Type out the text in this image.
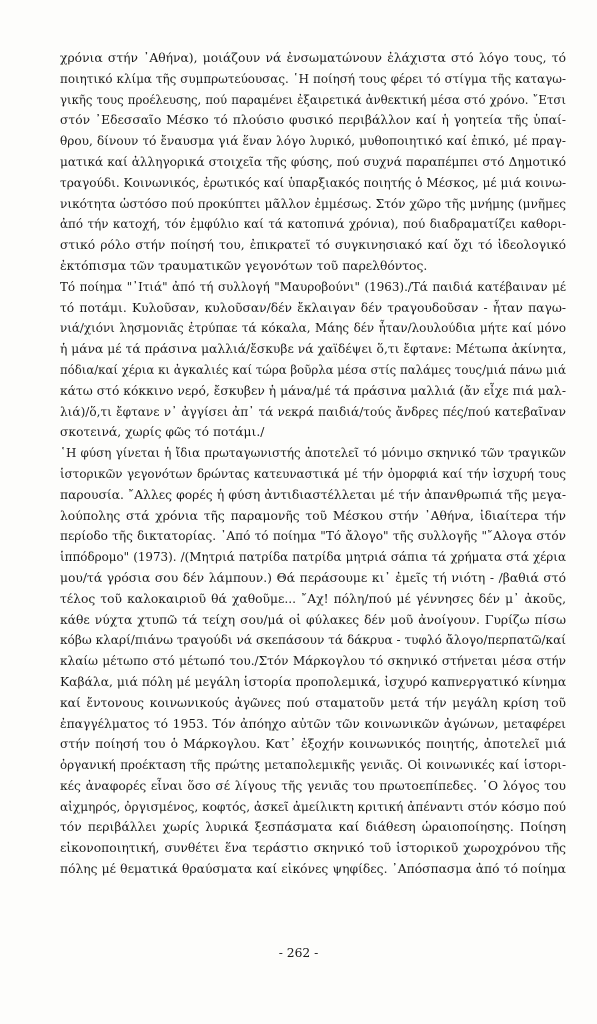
χρόνια στήν ᾿Αθήνα), μοιάζουν νά ἐνσωματώνουν ἐλάχιστα στό λόγο τους, τό
ποιητικό κλίμα τῆς συμπρωτεύουσας. ῾Η ποίησή τους φέρει τό στίγμα τῆς καταγω-
γικῆς τους προέλευσης, πού παραμένει ἐξαιρετικά ἀνθεκτική μέσα στό χρόνο. ῎Ετσι
στόν ᾿Εδεσσαῖο Μέσκο τό πλούσιο φυσικό περιβάλλον καί ἡ γοητεία τῆς ὑπαί-
θρου, δίνουν τό ἔναυσμα γιά ἕναν λόγο λυρικό, μυθοποιητικό καί ἐπικό, μέ πραγ-
ματικά καί ἀλληγορικά στοιχεῖα τῆς φύσης, πού συχνά παραπέμπει στό Δημοτικό
τραγούδι. Κοινωνικός, ἐρωτικός καί ὑπαρξιακός ποιητής ὁ Μέσκος, μέ μιά κοινω-
νικότητα ὡστόσο πού προκύπτει μᾶλλον ἐμμέσως. Στόν χῶρο τῆς μνήμης (μνῆμες
ἀπό τήν κατοχή, τόν ἐμφύλιο καί τά κατοπινά χρόνια), πού διαδραματίζει καθορι-
στικό ρόλο στήν ποίησή του, ἐπικρατεῖ τό συγκινησιακό καί ὄχι τό ἰδεολογικό
ἐκτόπισμα τῶν τραυματικῶν γεγονότων τοῦ παρελθόντος.
Τό ποίημα "᾿Ιτιά" ἀπό τή συλλογή "Μαυροβούνι" (1963)./Τά παιδιά κατέβαιναν μέ
τό ποτάμι. Κυλοῦσαν, κυλοῦσαν/δέν ἔκλαιγαν δέν τραγουδοῦσαν - ἦταν παγω-
νιά/χιόνι λησμονιᾶς ἐτρύπαε τά κόκαλα, Μάης δέν ἦταν/λουλούδια μήτε καί μόνο
ἡ μάνα μέ τά πράσινα μαλλιά/ἔσκυβε νά χαϊδέψει ὅ,τι ἔφτανε: Μέτωπα ἀκίνητα,
πόδια/καί χέρια κι ἀγκαλιές καί τώρα βοῦρλα μέσα στίς παλάμες τους/μιά πάνω μιά
κάτω στό κόκκινο νερό, ἔσκυβεν ἡ μάνα/μέ τά πράσινα μαλλιά (ἄν εἶχε πιά μαλ-
λιά)/ὅ,τι ἔφτανε ν᾿ ἀγγίσει ἀπ᾿ τά νεκρά παιδιά/τούς ἄνδρες πές/πού κατεβαῖναν
σκοτεινά, χωρίς φῶς τό ποτάμι./
῾Η φύση γίνεται ἡ ἴδια πρωταγωνιστής ἀποτελεῖ τό μόνιμο σκηνικό τῶν τραγικῶν
ἱστορικῶν γεγονότων δρώντας κατευναστικά μέ τήν ὀμορφιά καί τήν ἰσχυρή τους
παρουσία. ῎Αλλες φορές ἡ φύση ἀντιδιαστέλλεται μέ τήν ἀπανθρωπιά τῆς μεγα-
λούπολης στά χρόνια τῆς παραμονῆς τοῦ Μέσκου στήν ᾿Αθήνα, ἰδιαίτερα τήν
περίοδο τῆς δικτατορίας. ᾿Από τό ποίημα "Τό ἄλογο" τῆς συλλογῆς "῎Αλογα στόν
ἱππόδρομο" (1973). /(Μητριά πατρίδα πατρίδα μητριά σάπια τά χρήματα στά χέρια
μου/τά γρόσια σου δέν λάμπουν.) Θά περάσουμε κι᾿ ἐμεῖς τή νιότη - /βαθιά στό
τέλος τοῦ καλοκαιριοῦ θά χαθοῦμε... ῎Αχ! πόλη/πού μέ γέννησες δέν μ᾿ ἀκοῦς,
κάθε νύχτα χτυπῶ τά τείχη σου/μά οἱ φύλακες δέν μοῦ ἀνοίγουν. Γυρίζω πίσω
κόβω κλαρί/πιάνω τραγούδι νά σκεπάσουν τά δάκρυα - τυφλό ἄλογο/περπατῶ/καί
κλαίω μέτωπο στό μέτωπό του./Στόν Μάρκογλου τό σκηνικό στήνεται μέσα στήν
Καβάλα, μιά πόλη μέ μεγάλη ἱστορία προπολεμικά, ἰσχυρό καπνεργατικό κίνημα
καί ἔντονους κοινωνικούς ἀγῶνες πού σταματοῦν μετά τήν μεγάλη κρίση τοῦ
ἐπαγγέλματος τό 1953. Τόν ἀπόηχο αὐτῶν τῶν κοινωνικῶν ἀγώνων, μεταφέρει
στήν ποίησή του ὁ Μάρκογλου. Κατ᾿ ἐξοχήν κοινωνικός ποιητής, ἀποτελεῖ μιά
ὀργανική προέκταση τῆς πρώτης μεταπολεμικῆς γενιᾶς. Οἱ κοινωνικές καί ἱστορι-
κές ἀναφορές εἶναι ὅσο σέ λίγους τῆς γενιᾶς του πρωτοεπίπεδες. ῾Ο λόγος του
αἰχμηρός, ὀργισμένος, κοφτός, ἀσκεῖ ἀμείλικτη κριτική ἀπέναντι στόν κόσμο πού
τόν περιβάλλει χωρίς λυρικά ξεσπάσματα καί διάθεση ὡραιοποίησης. Ποίηση
εἰκονοποιητική, συνθέτει ἕνα τεράστιο σκηνικό τοῦ ἱστορικοῦ χωροχρόνου τῆς
πόλης μέ θεματικά θραύσματα καί εἰκόνες ψηφίδες. ᾿Απόσπασμα ἀπό τό ποίημα
- 262 -
